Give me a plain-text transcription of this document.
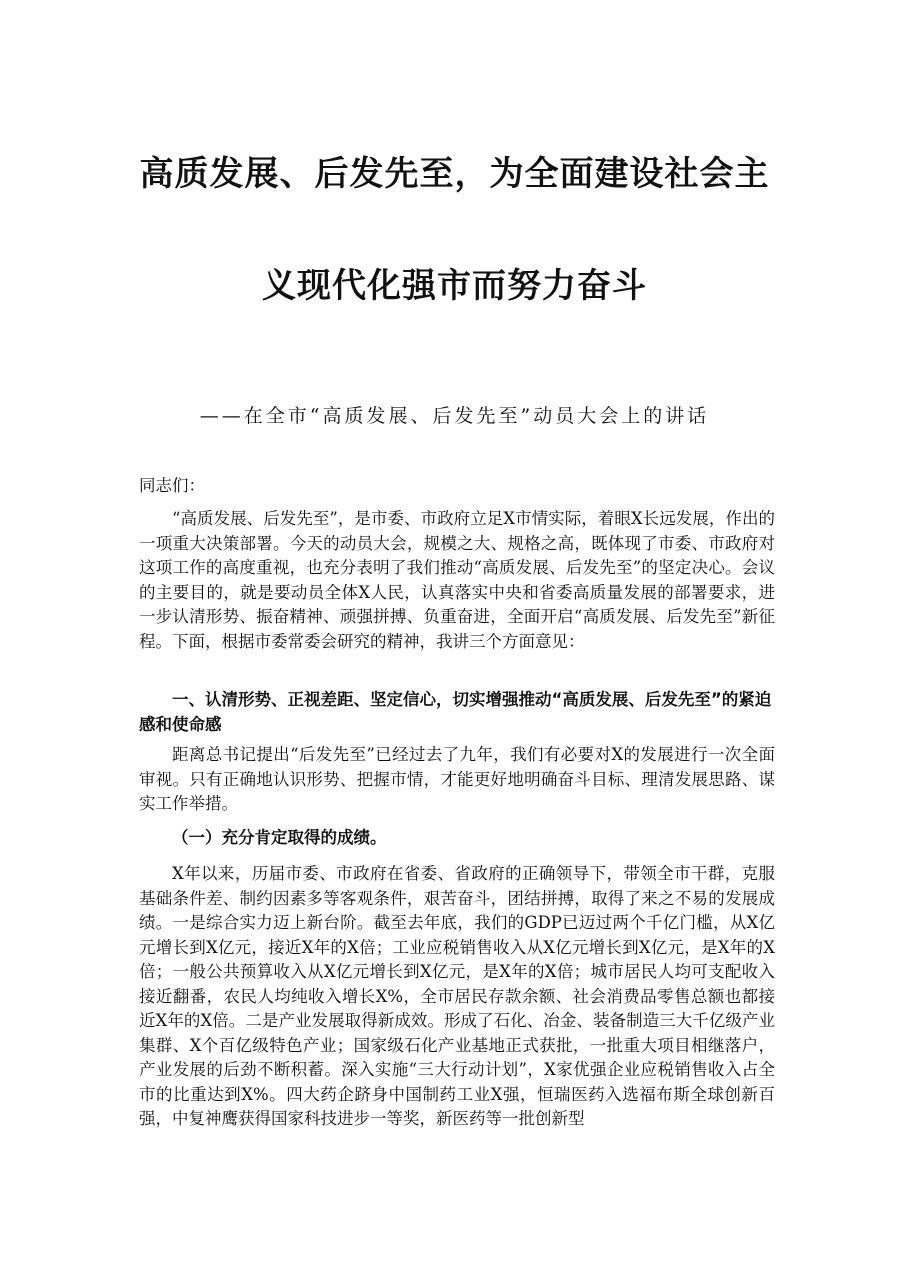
高质发展、后发先至，为全面建设社会主
义现代化强市而努力奋斗
——在全市“高质发展、后发先至”动员大会上的讲话
同志们：
“高质发展、后发先至”，是市委、市政府立足X市情实际，着眼X长远发展，作出的一项重大决策部署。今天的动员大会，规模之大、规格之高，既体现了市委、市政府对这项工作的高度重视，也充分表明了我们推动“高质发展、后发先至”的坚定决心。会议的主要目的，就是要动员全体X人民，认真落实中央和省委高质量发展的部署要求，进一步认清形势、振奋精神、顽强拼搏、负重奋进，全面开启“高质发展、后发先至”新征程。下面，根据市委常委会研究的精神，我讲三个方面意见：
一、认清形势、正视差距、坚定信心，切实增强推动“高质发展、后发先至”的紧迫感和使命感
距离总书记提出“后发先至”已经过去了九年，我们有必要对X的发展进行一次全面审视。只有正确地认识形势、把握市情，才能更好地明确奋斗目标、理清发展思路、谋实工作举措。
（一）充分肯定取得的成绩。
X年以来，历届市委、市政府在省委、省政府的正确领导下，带领全市干群，克服基础条件差、制约因素多等客观条件，艰苦奋斗，团结拼搏，取得了来之不易的发展成绩。一是综合实力迈上新台阶。截至去年底，我们的GDP已迈过两个千亿门槛，从X亿元增长到X亿元，接近X年的X倍；工业应税销售收入从X亿元增长到X亿元，是X年的X倍；一般公共预算收入从X亿元增长到X亿元，是X年的X倍；城市居民人均可支配收入接近翻番，农民人均纯收入增长X%，全市居民存款余额、社会消费品零售总额也都接近X年的X倍。二是产业发展取得新成效。形成了石化、冶金、装备制造三大千亿级产业集群、X个百亿级特色产业；国家级石化产业基地正式获批，一批重大项目相继落户，产业发展的后劲不断积蓄。深入实施“三大行动计划”，X家优强企业应税销售收入占全市的比重达到X%。四大药企跻身中国制药工业X强，恒瑞医药入选福布斯全球创新百强，中复神鹰获得国家科技进步一等奖，新医药等一批创新型
